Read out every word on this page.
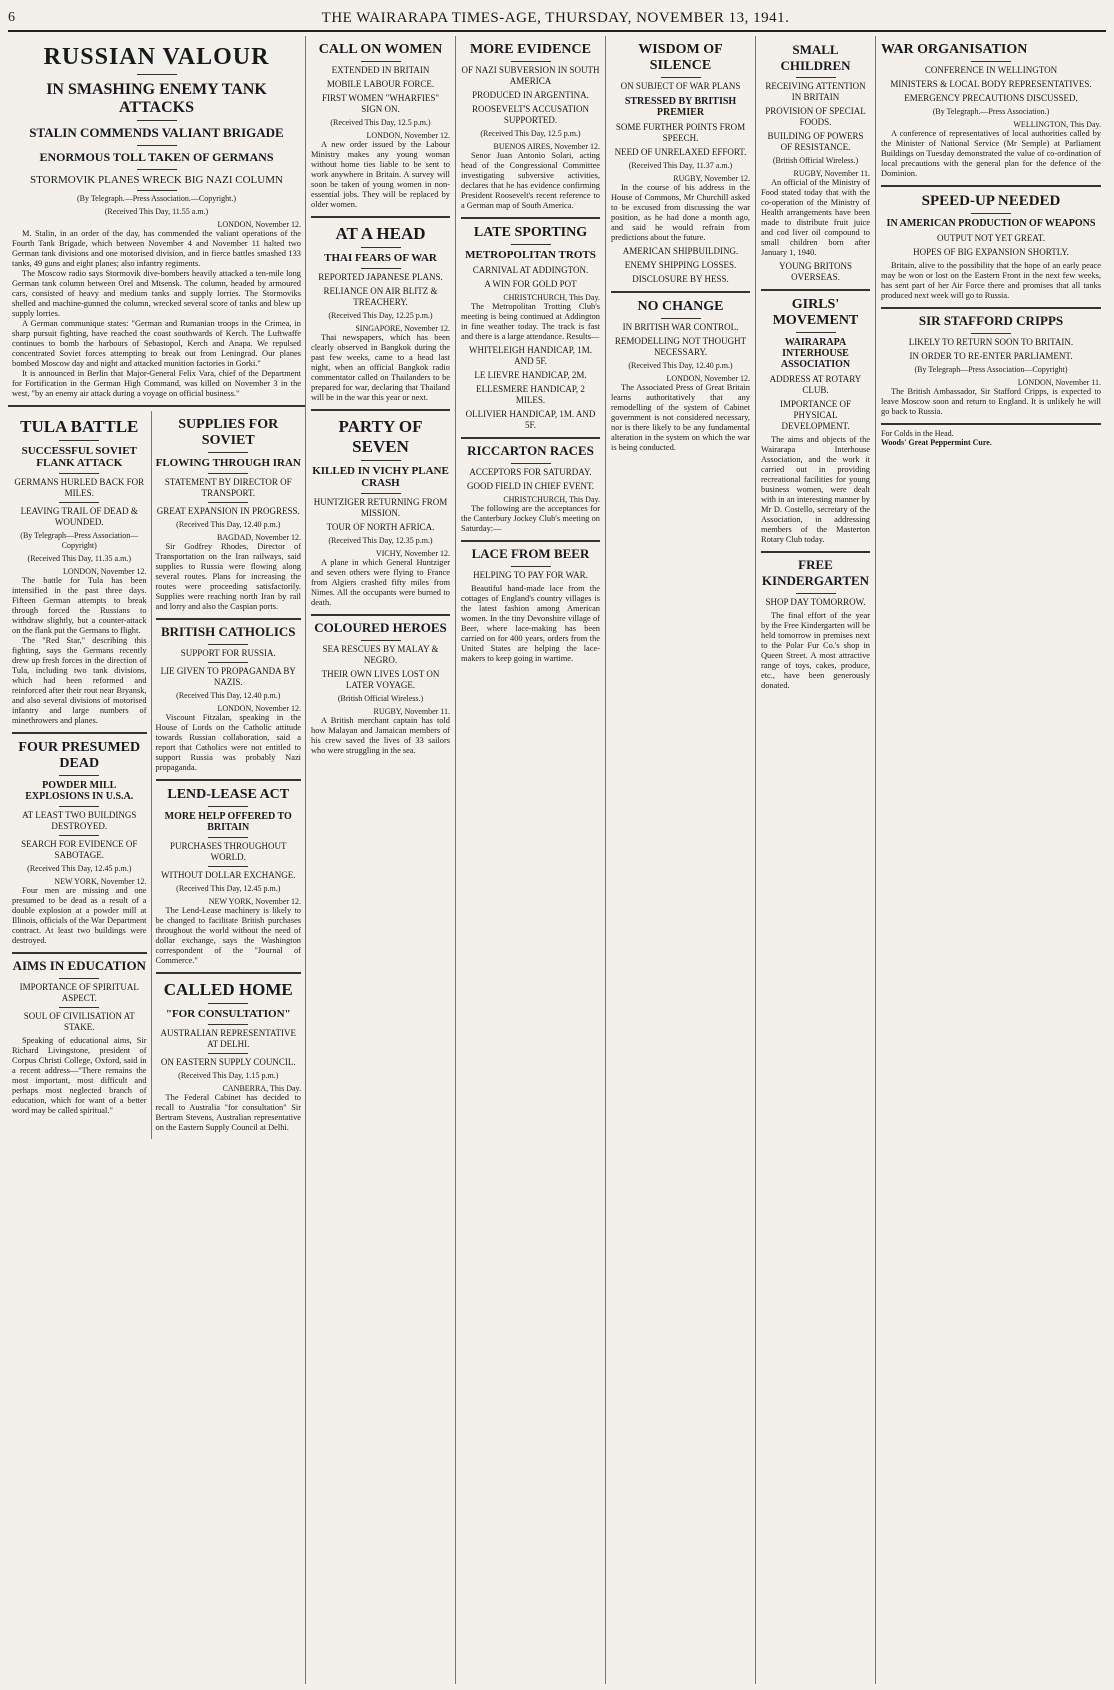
6	THE WAIRARAPA TIMES-AGE, THURSDAY, NOVEMBER 13, 1941.
RUSSIAN VALOUR
IN SMASHING ENEMY TANK ATTACKS
STALIN COMMENDS VALIANT BRIGADE
ENORMOUS TOLL TAKEN OF GERMANS
STORMOVIK PLANES WRECK BIG NAZI COLUMN
(By Telegraph.—Press Association.—Copyright.)
(Received This Day, 11.55 a.m.)
LONDON, November 12.

M. Stalin, in an order of the day, has commended the valiant operations of the Fourth Tank Brigade, which between November 4 and November 11 halted two German tank divisions and one motorised division, and in fierce battles smashed 133 tanks, 49 guns and eight planes; also infantry regiments.

The Moscow radio says Stormovik dive-bombers heavily attacked a ten-mile long German tank column between Orel and Mtsensk. The column, headed by armoured cars, consisted of heavy and medium tanks and supply lorries. The Stormoviks shelled and machine-gunned the column, wrecked several score of tanks and blew up supply lorries.

A German communique states: "German and Rumanian troops in the Crimea, in sharp pursuit fighting, have reached the coast southwards of Kerch. The Luftwaffe continues to bomb the harbours of Sebastopol, Kerch and Anapa. We repulsed concentrated Soviet forces attempting to break out from Leningrad. Our planes bombed Moscow day and night and attacked munition factories in Gorki."

It is announced in Berlin that Major-General Felix Vara, chief of the Department for Fortification in the German High Command, was killed on November 3 in the west, "by an enemy air attack during a voyage on official business."

TULA BATTLE
SUCCESSFUL SOVIET FLANK ATTACK
GERMANS HURLED BACK FOR MILES.
LEAVING TRAIL OF DEAD & WOUNDED.
(By Telegraph—Press Association—Copyright)
(Received This Day, 11.35 a.m.)
LONDON, November 12.

The battle for Tula has been intensified in the past three days. Fifteen German attempts to break through forced the Russians to withdraw slightly, but a counter-attack on the flank put the Germans to flight.

The "Red Star," describing this fighting, says the Germans recently drew up fresh forces in the direction of Tula, including two tank divisions, which had been reformed and reinforced after their rout near Bryansk, and also several divisions of motorised infantry and large numbers of minethrowers and planes.

FOUR PRESUMED DEAD
POWDER MILL EXPLOSIONS IN U.S.A.
AT LEAST TWO BUILDINGS DESTROYED.
SEARCH FOR EVIDENCE OF SABOTAGE.
(Received This Day, 12.45 p.m.)
NEW YORK, November 12.

Four men are missing and one presumed to be dead as a result of a double explosion at a powder mill at Illinois, officials of the War Department contract. At least two buildings were destroyed.

AIMS IN EDUCATION
IMPORTANCE OF SPIRITUAL ASPECT.
SOUL OF CIVILISATION AT STAKE.

Speaking of educational aims, Sir Richard Livingstone, president of Corpus Christi College, Oxford, said in a recent address—"There remains the most important, most difficult and perhaps most neglected branch of education, which for want of a better word may be called spiritual."

SUPPLIES FOR SOVIET
FLOWING THROUGH IRAN
STATEMENT BY DIRECTOR OF TRANSPORT.
GREAT EXPANSION IN PROGRESS.
(Received This Day, 12.40 p.m.)
BAGDAD, November 12.

Sir Godfrey Rhodes, Director of Transportation on the Iran railways, said supplies to Russia were flowing along several routes. Plans for increasing the routes were proceeding satisfactorily. Supplies were reaching north Iran by rail and lorry and also the Caspian ports.

BRITISH CATHOLICS
SUPPORT FOR RUSSIA.
LIE GIVEN TO PROPAGANDA BY NAZIS.
(Received This Day, 12.40 p.m.)
LONDON, November 12.

Viscount Fitzalan, speaking in the House of Lords on the Catholic attitude towards Russian collaboration, said a report that Catholics were not entitled to support Russia was probably Nazi propaganda.

LEND-LEASE ACT
MORE HELP OFFERED TO BRITAIN
PURCHASES THROUGHOUT WORLD.
WITHOUT DOLLAR EXCHANGE.
(Received This Day, 12.45 p.m.)
NEW YORK, November 12.

The Lend-Lease machinery is likely to be changed to facilitate British purchases throughout the world without the need of dollar exchange, says the Washington correspondent of the "Journal of Commerce."

CALLED HOME
"FOR CONSULTATION"
AUSTRALIAN REPRESENTATIVE AT DELHI.
ON EASTERN SUPPLY COUNCIL.
(Received This Day, 1.15 p.m.)
CANBERRA, This Day.

The Federal Cabinet has decided to recall to Australia "for consultation" Sir Bertram Stevens, Australian representative on the Eastern Supply Council at Delhi.

CALL ON WOMEN
EXTENDED IN BRITAIN
MOBILE LABOUR FORCE.
FIRST WOMEN "WHARFIES" SIGN ON.
(Received This Day, 12.5 p.m.)
LONDON, November 12.

A new order issued by the Labour Ministry makes any young woman without home ties liable to be sent to work anywhere in Britain. A survey will soon be taken of young women in non-essential jobs. They will be replaced by older women.

AT A HEAD
THAI FEARS OF WAR
REPORTED JAPANESE PLANS.
RELIANCE ON AIR BLITZ & TREACHERY.
(Received This Day, 12.25 p.m.)
SINGAPORE, November 12.

Thai newspapers, which has been clearly observed in Bangkok during the past few weeks, came to a head last night, when an official Bangkok radio commentator called on Thailanders to be prepared for war, declaring that Thailand will be in the war this year or next.

PARTY OF SEVEN
KILLED IN VICHY PLANE CRASH
HUNTZIGER RETURNING FROM MISSION.
TOUR OF NORTH AFRICA.
(Received This Day, 12.35 p.m.)
VICHY, November 12.

A plane in which General Huntziger and seven others were flying to France from Algiers crashed fifty miles from Nimes. All the occupants were burned to death.

COLOURED HEROES
SEA RESCUES BY MALAY & NEGRO.
THEIR OWN LIVES LOST ON LATER VOYAGE.
(British Official Wireless.)
RUGBY, November 11.

A British merchant captain has told how Malayan and Jamaican members of his crew saved the lives of 33 sailors who were struggling in the sea.

MORE EVIDENCE
OF NAZI SUBVERSION IN SOUTH AMERICA
PRODUCED IN ARGENTINA.
ROOSEVELT'S ACCUSATION SUPPORTED.
(Received This Day, 12.5 p.m.)
BUENOS AIRES, November 12.

Senor Juan Antonio Solari, acting head of the Congressional Committee investigating subversive activities, declares that he has evidence confirming President Roosevelt's recent reference to a German map of South America.

LATE SPORTING
METROPOLITAN TROTS
CARNIVAL AT ADDINGTON.
A WIN FOR GOLD POT
CHRISTCHURCH, This Day.

The Metropolitan Trotting Club's meeting is being continued at Addington in fine weather today. The track is fast and there is a large attendance. Results—

WHITELEIGH HANDICAP, 1M. AND 5F.
LE LIEVRE HANDICAP, 2M.
ELLESMERE HANDICAP, 2 MILES.
OLLIVIER HANDICAP, 1M. AND 5F.
RICCARTON RACES
ACCEPTORS FOR SATURDAY.
GOOD FIELD IN CHIEF EVENT.
CHRISTCHURCH, This Day.

The following are the acceptances for the Canterbury Jockey Club's meeting on Saturday:—

LACE FROM BEER
HELPING TO PAY FOR WAR.

Beautiful hand-made lace from the cottages of England's country villages is the latest fashion among American women. In the tiny Devonshire village of Beer, where lace-making has been carried on for 400 years, orders from the United States are helping the lace-makers to keep going in wartime.

WISDOM OF SILENCE
ON SUBJECT OF WAR PLANS
STRESSED BY BRITISH PREMIER
SOME FURTHER POINTS FROM SPEECH.
NEED OF UNRELAXED EFFORT.
(Received This Day, 11.37 a.m.)
RUGBY, November 12.

In the course of his address in the House of Commons, Mr Churchill asked to be excused from discussing the war position, as he had done a month ago, and said he would refrain from predictions about the future.

AMERICAN SHIPBUILDING.
ENEMY SHIPPING LOSSES.
DISCLOSURE BY HESS.
NO CHANGE
IN BRITISH WAR CONTROL.
REMODELLING NOT THOUGHT NECESSARY.
(Received This Day, 12.40 p.m.)
LONDON, November 12.

The Associated Press of Great Britain learns authoritatively that any remodelling of the system of Cabinet government is not considered necessary, nor is there likely to be any fundamental alteration in the system on which the war is being conducted.

SMALL CHILDREN
RECEIVING ATTENTION IN BRITAIN
PROVISION OF SPECIAL FOODS.
BUILDING OF POWERS OF RESISTANCE.
(British Official Wireless.)
RUGBY, November 11.

An official of the Ministry of Food stated today that with the co-operation of the Ministry of Health arrangements have been made to distribute fruit juice and cod liver oil compound to small children born after January 1, 1940.

YOUNG BRITONS OVERSEAS.
GIRLS' MOVEMENT
WAIRARAPA INTERHOUSE ASSOCIATION
ADDRESS AT ROTARY CLUB.
IMPORTANCE OF PHYSICAL DEVELOPMENT.

The aims and objects of the Wairarapa Interhouse Association, and the work it carried out in providing recreational facilities for young business women, were dealt with in an interesting manner by Mr D. Costello, secretary of the Association, in addressing members of the Masterton Rotary Club today.

FREE KINDERGARTEN
SHOP DAY TOMORROW.

The final effort of the year by the Free Kindergarten will be held tomorrow in premises next to the Polar Fur Co.'s shop in Queen Street. A most attractive range of toys, cakes, produce, etc., have been generously donated.

WAR ORGANISATION
CONFERENCE IN WELLINGTON
MINISTERS & LOCAL BODY REPRESENTATIVES.
EMERGENCY PRECAUTIONS DISCUSSED.
(By Telegraph.—Press Association.)
WELLINGTON, This Day.

A conference of representatives of local authorities called by the Minister of National Service (Mr Semple) at Parliament Buildings on Tuesday demonstrated the value of co-ordination of local precautions with the general plan for the defence of the Dominion.

SPEED-UP NEEDED
IN AMERICAN PRODUCTION OF WEAPONS
OUTPUT NOT YET GREAT.
HOPES OF BIG EXPANSION SHORTLY.

Britain, alive to the possibility that the hope of an early peace may be won or lost on the Eastern Front in the next few weeks, has sent part of her Air Force there and promises that all tanks produced next week will go to Russia.

SIR STAFFORD CRIPPS
LIKELY TO RETURN SOON TO BRITAIN.
IN ORDER TO RE-ENTER PARLIAMENT.
(By Telegraph—Press Association—Copyright)
LONDON, November 11.

The British Ambassador, Sir Stafford Cripps, is expected to leave Moscow soon and return to England. It is unlikely he will go back to Russia.

For Colds in the Head.
Woods' Great Peppermint Cure.
